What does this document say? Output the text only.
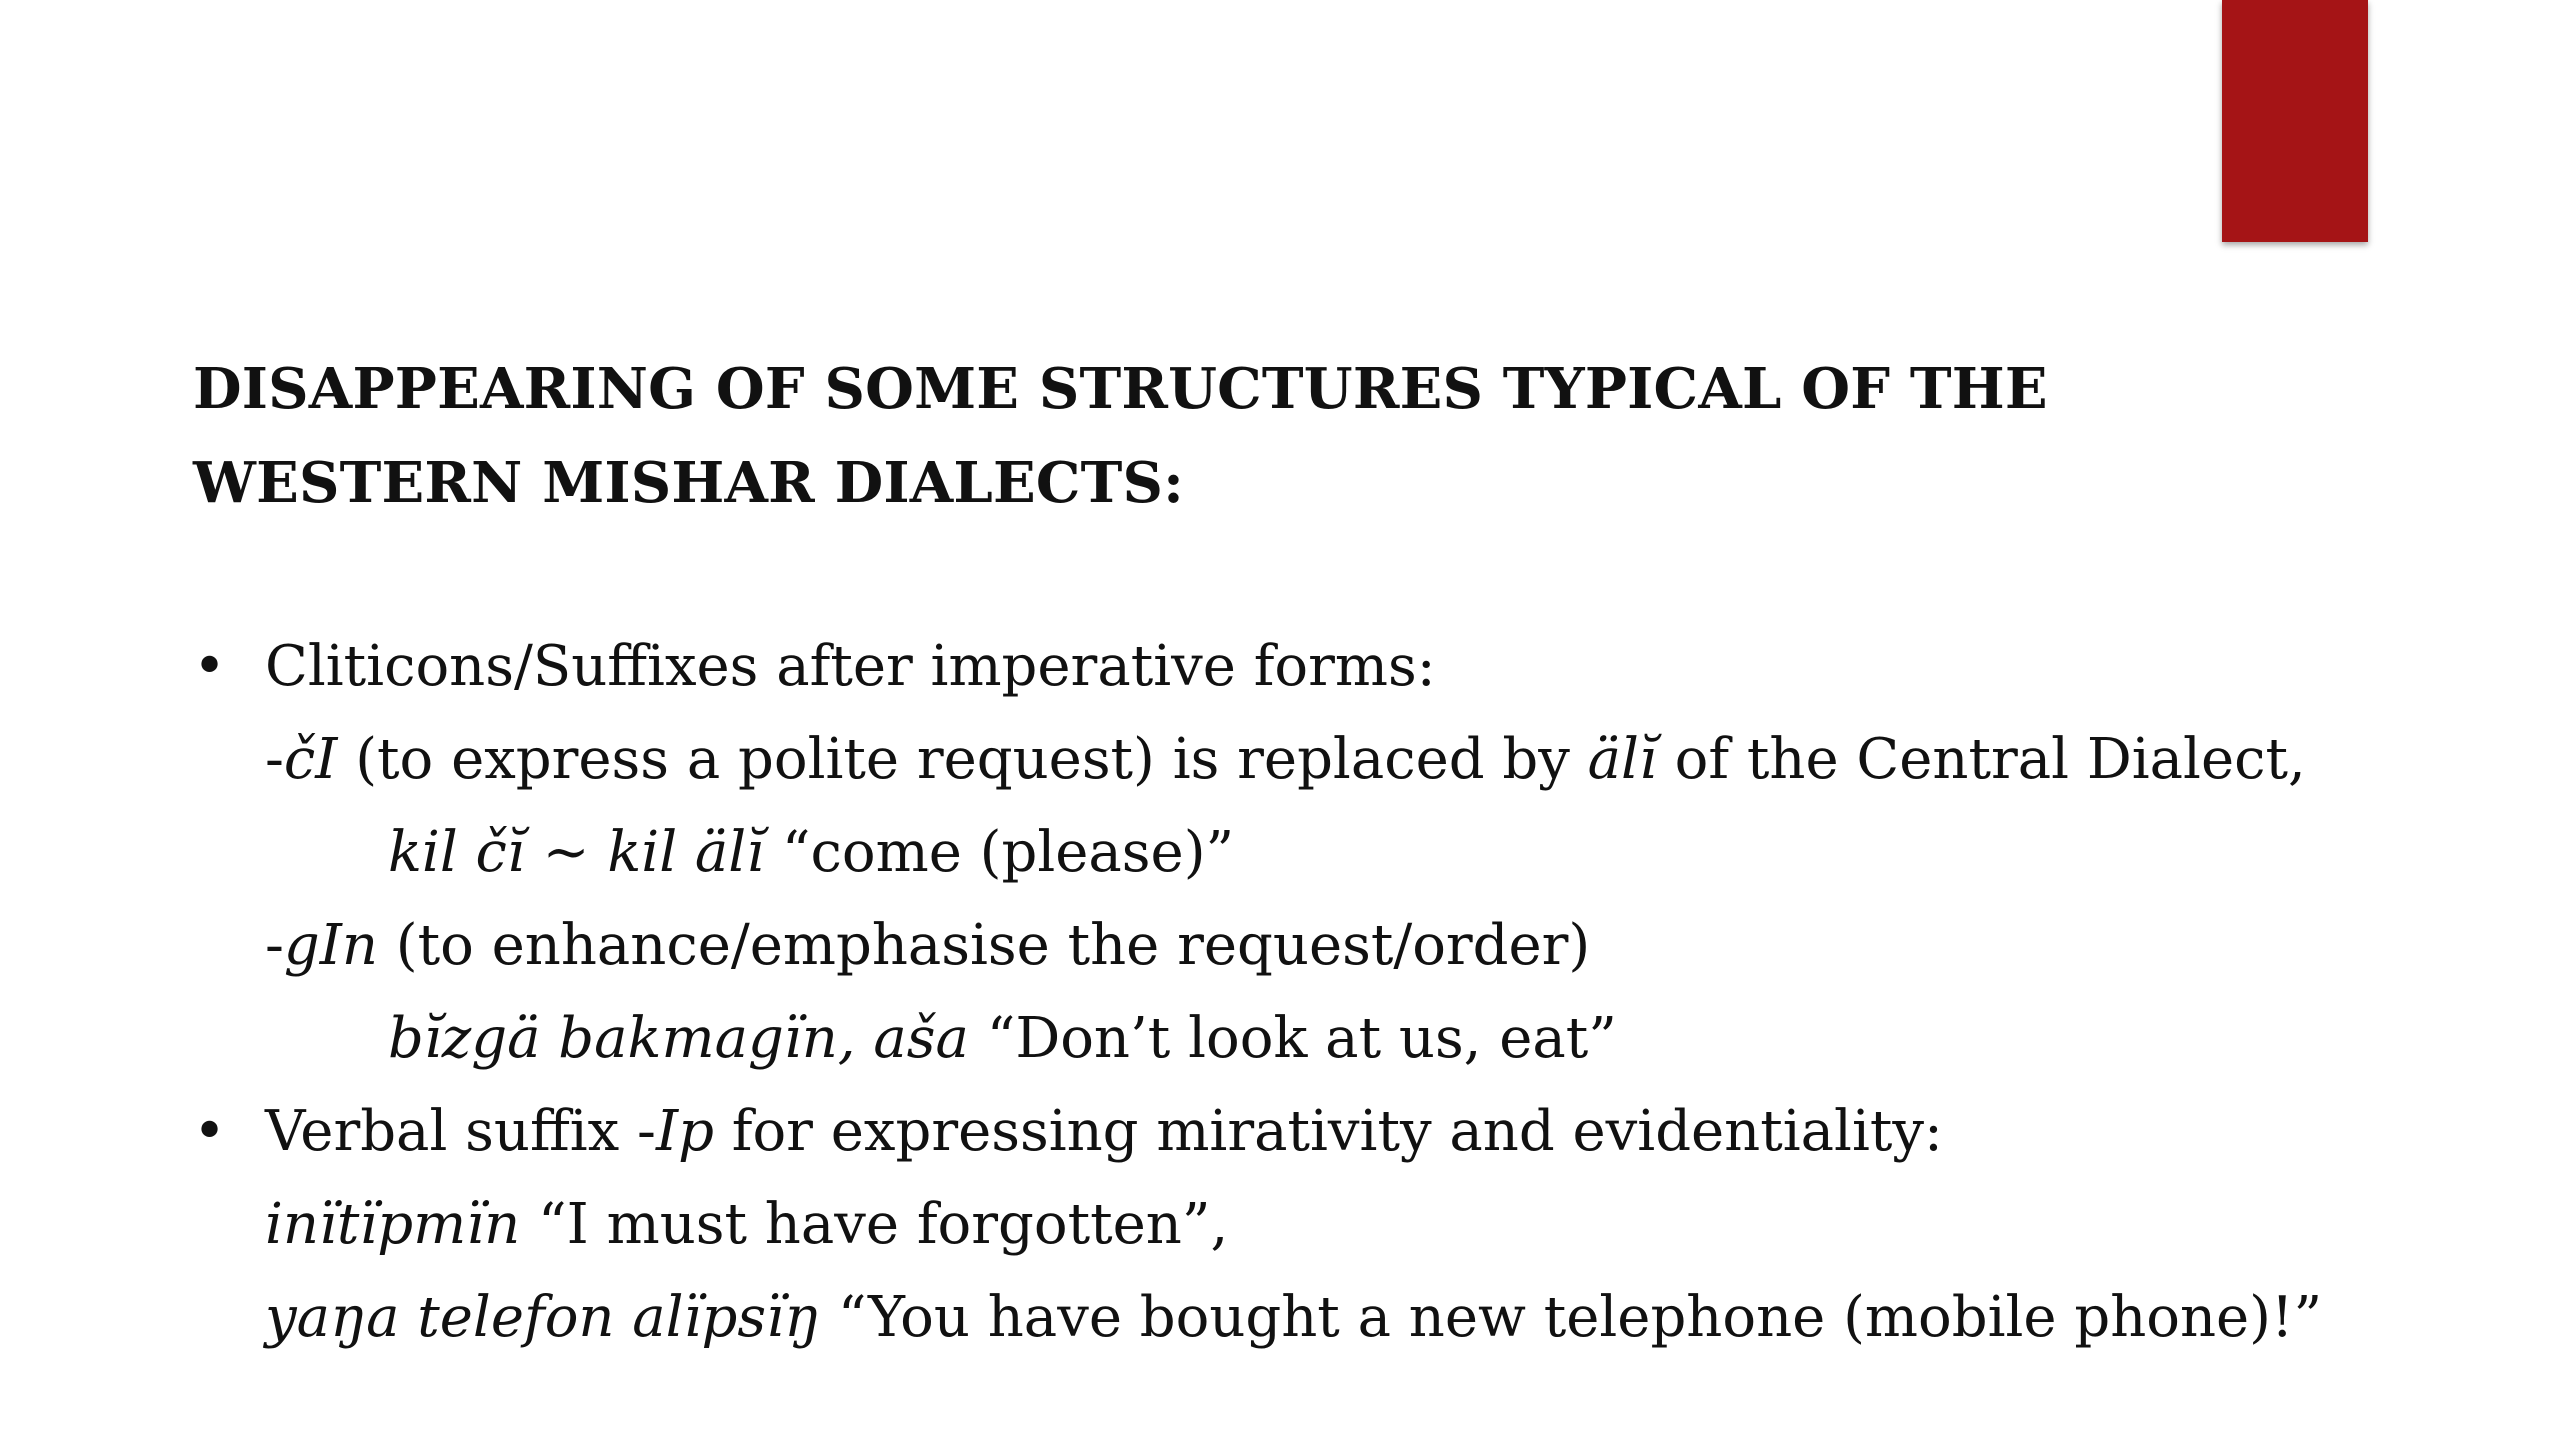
DISAPPEARING OF SOME STRUCTURES TYPICAL OF THE WESTERN MISHAR DIALECTS:
• Cliticons/Suffixes after imperative forms:
-čI (to express a polite request) is replaced by älĭ of the Central Dialect,
kil čĭ ~ kil älĭ “come (please)”
-gIn (to enhance/emphasise the request/order)
bĭzgä bakmagïn, aša “Don’t look at us, eat”
• Verbal suffix -Ip for expressing mirativity and evidentiality:
inïtïpmïn “I must have forgotten”,
yaŋa telefon alïpsïŋ “You have bought a new telephone (mobile phone)!”
